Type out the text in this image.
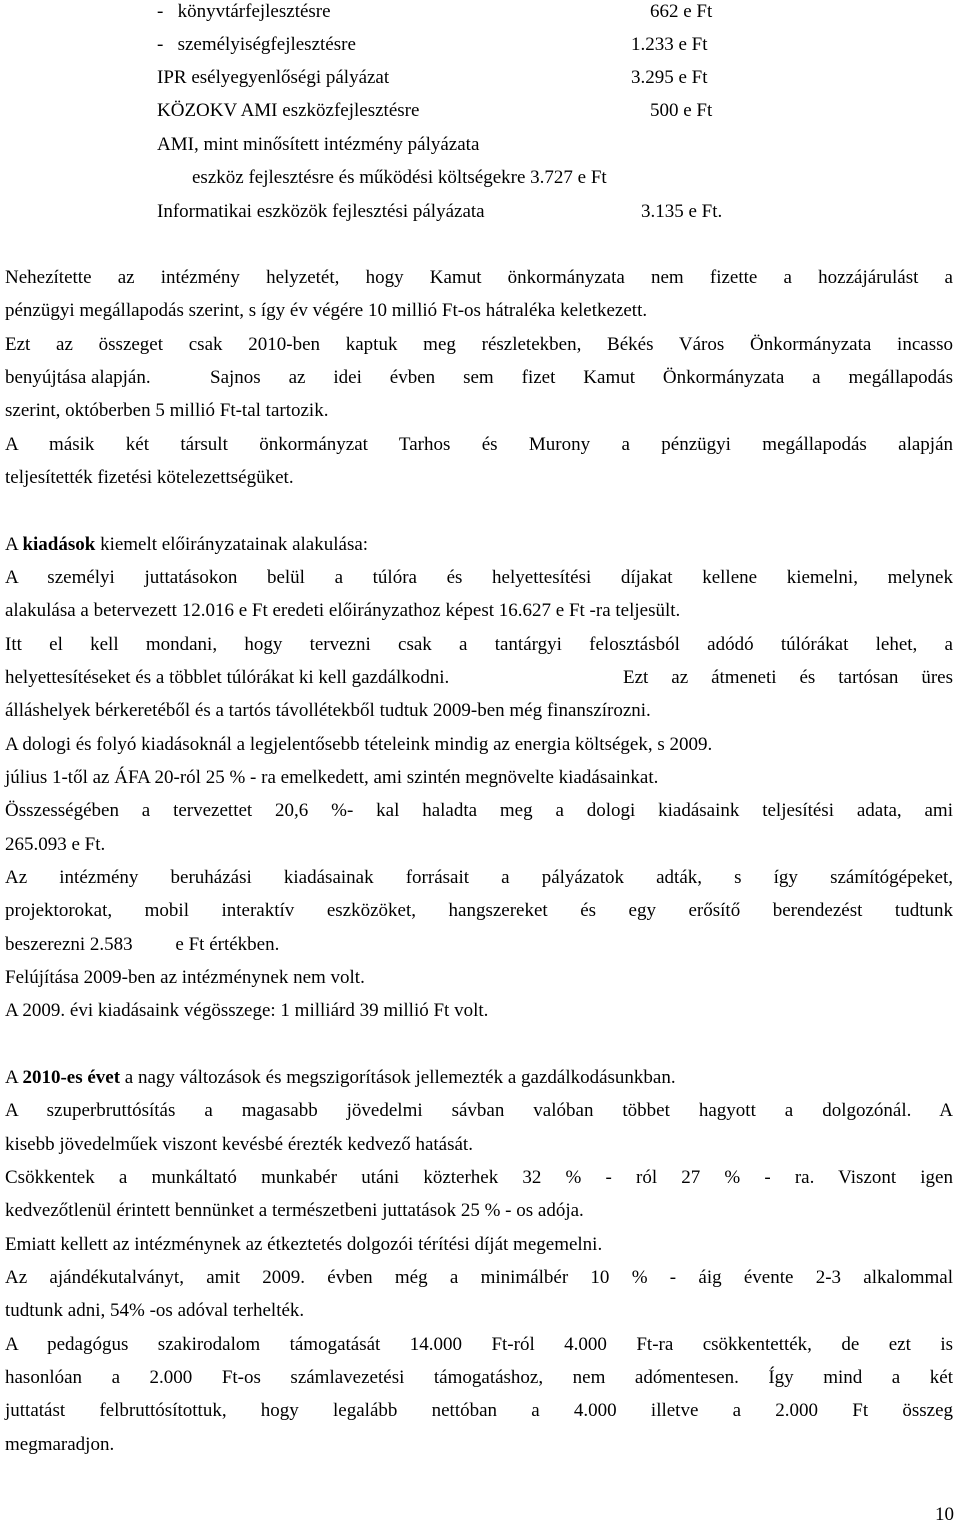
-   könyvtárfejlesztésre	662 e Ft
-   személyiségfejlesztésre	1.233 e Ft
IPR esélyegyenlőségi pályázat	3.295 e Ft
KÖZOKV AMI eszközfejlesztésre	500 e Ft
AMI, mint minősített intézmény pályázata
eszköz fejlesztésre és működési költségekre 3.727 e Ft
Informatikai eszközök fejlesztési pályázata	3.135 e Ft.
Nehezítette az intézmény helyzetét, hogy Kamut önkormányzata nem fizette a hozzájárulást a
pénzügyi megállapodás szerint, s így év végére 10 millió Ft-os hátraléka keletkezett.
Ezt az összeget csak 2010-ben kaptuk meg részletekben, Békés Város Önkormányzata incasso
benyújtása alapján.	Sajnos az idei évben sem fizet Kamut Önkormányzata a megállapodás
szerint, októberben 5 millió Ft-tal tartozik.
A másik két társult önkormányzat Tarhos és Murony a pénzügyi megállapodás alapján
teljesítették fizetési kötelezettségüket.
A kiadások kiemelt előirányzatainak alakulása:
A személyi juttatásokon belül a túlóra és helyettesítési díjakat kellene kiemelni, melynek
alakulása a betervezett 12.016 e Ft eredeti előirányzathoz képest 16.627 e Ft -ra teljesült.
Itt el kell mondani, hogy tervezni csak a tantárgyi felosztásból adódó túlórákat lehet, a
helyettesítéseket és a többlet túlórákat ki kell gazdálkodni.	Ezt az átmeneti és tartósan üres
álláshelyek bérkeretéből és a tartós távollétekből tudtuk 2009-ben még finanszírozni.
A dologi és folyó kiadásoknál a legjelentősebb tételeink mindig az energia költségek, s 2009.
július 1-től az ÁFA 20-ról 25 % - ra emelkedett, ami szintén megnövelte kiadásainkat.
Összességében a tervezettet 20,6 %- kal haladta meg a dologi kiadásaink teljesítési adata, ami
265.093 e Ft.
Az intézmény beruházási kiadásainak forrásait a pályázatok adták, s így számítógépeket,
projektorokat, mobil interaktív eszközöket, hangszereket és egy erősítő berendezést tudtunk
beszerezni 2.583         e Ft értékben.
Felújítása 2009-ben az intézménynek nem volt.
A 2009. évi kiadásaink végösszege: 1 milliárd 39 millió Ft volt.
A 2010-es évet a nagy változások és megszigorítások jellemezték a gazdálkodásunkban.
A szuperbruttósítás a magasabb jövedelmi sávban valóban többet hagyott a dolgozónál. A
kisebb jövedelműek viszont kevésbé érezték kedvező hatását.
Csökkentek a munkáltató munkabér utáni közterhek 32 % - ról 27 % - ra. Viszont igen
kedvezőtlenül érintett bennünket a természetbeni juttatások 25 % - os adója.
Emiatt kellett az intézménynek az étkeztetés dolgozói térítési díját megemelni.
Az ajándékutalványt, amit 2009. évben még a minimálbér 10 % - áig évente 2-3 alkalommal
tudtunk adni, 54% -os adóval terhelték.
A pedagógus szakirodalom támogatását 14.000 Ft-ról 4.000 Ft-ra csökkentették, de ezt is
hasonlóan a 2.000 Ft-os számlavezetési támogatáshoz, nem adómentesen. Így mind a két
juttatást felbruttósítottuk, hogy legalább nettóban a 4.000 illetve a 2.000 Ft összeg
megmaradjon.
10
